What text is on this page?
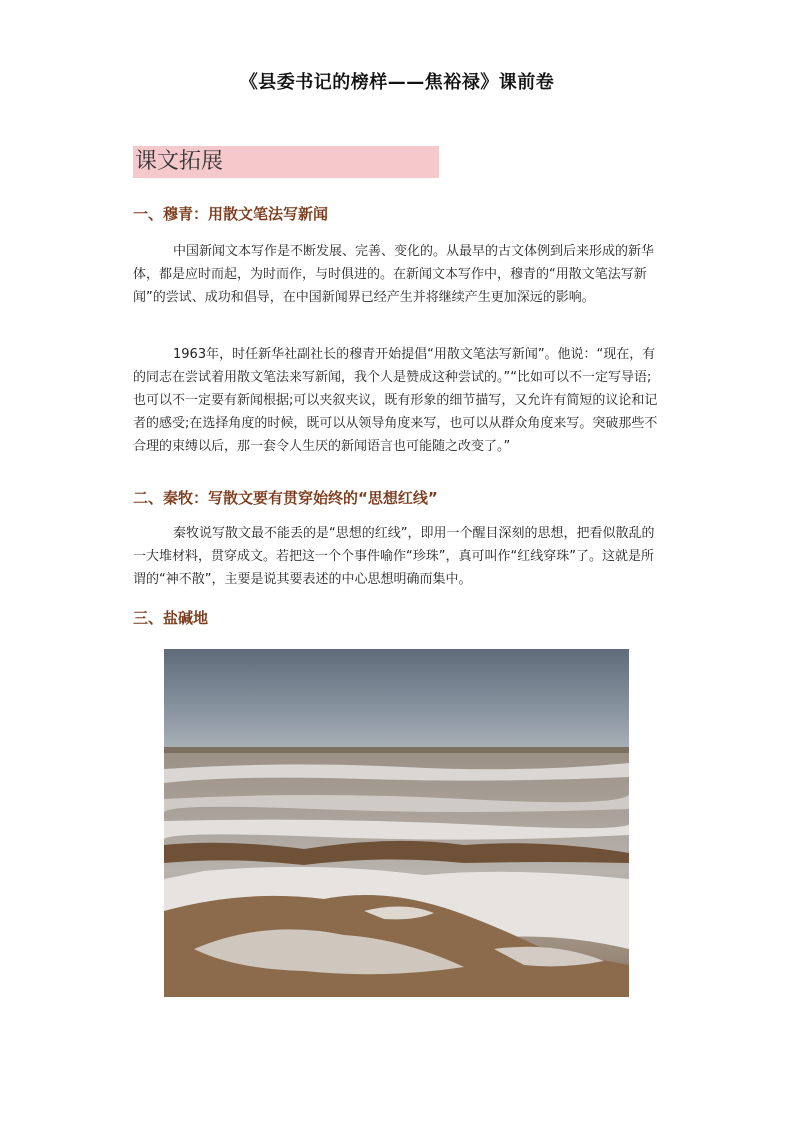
《县委书记的榜样——焦裕禄》课前卷
课文拓展
一、穆青：用散文笔法写新闻

中国新闻文本写作是不断发展、完善、变化的。从最早的古文体例到后来形成的新华体，都是应时而起，为时而作，与时俱进的。在新闻文本写作中，穆青的“用散文笔法写新闻”的尝试、成功和倡导，在中国新闻界已经产生并将继续产生更加深远的影响。

1963年，时任新华社副社长的穆青开始提倡“用散文笔法写新闻”。他说：“现在，有的同志在尝试着用散文笔法来写新闻，我个人是赞成这种尝试的。”“比如可以不一定写导语;也可以不一定要有新闻根据;可以夹叙夹议，既有形象的细节描写，又允许有简短的议论和记者的感受;在选择角度的时候，既可以从领导角度来写，也可以从群众角度来写。突破那些不合理的束缚以后，那一套令人生厌的新闻语言也可能随之改变了。”

二、秦牧：写散文要有贯穿始终的“思想红线”

秦牧说写散文最不能丢的是“思想的红线”，即用一个醒目深刻的思想，把看似散乱的一大堆材料，贯穿成文。若把这一个个事件喻作“珍珠”，真可叫作“红线穿珠”了。这就是所谓的“神不散”，主要是说其要表述的中心思想明确而集中。

三、盐碱地
